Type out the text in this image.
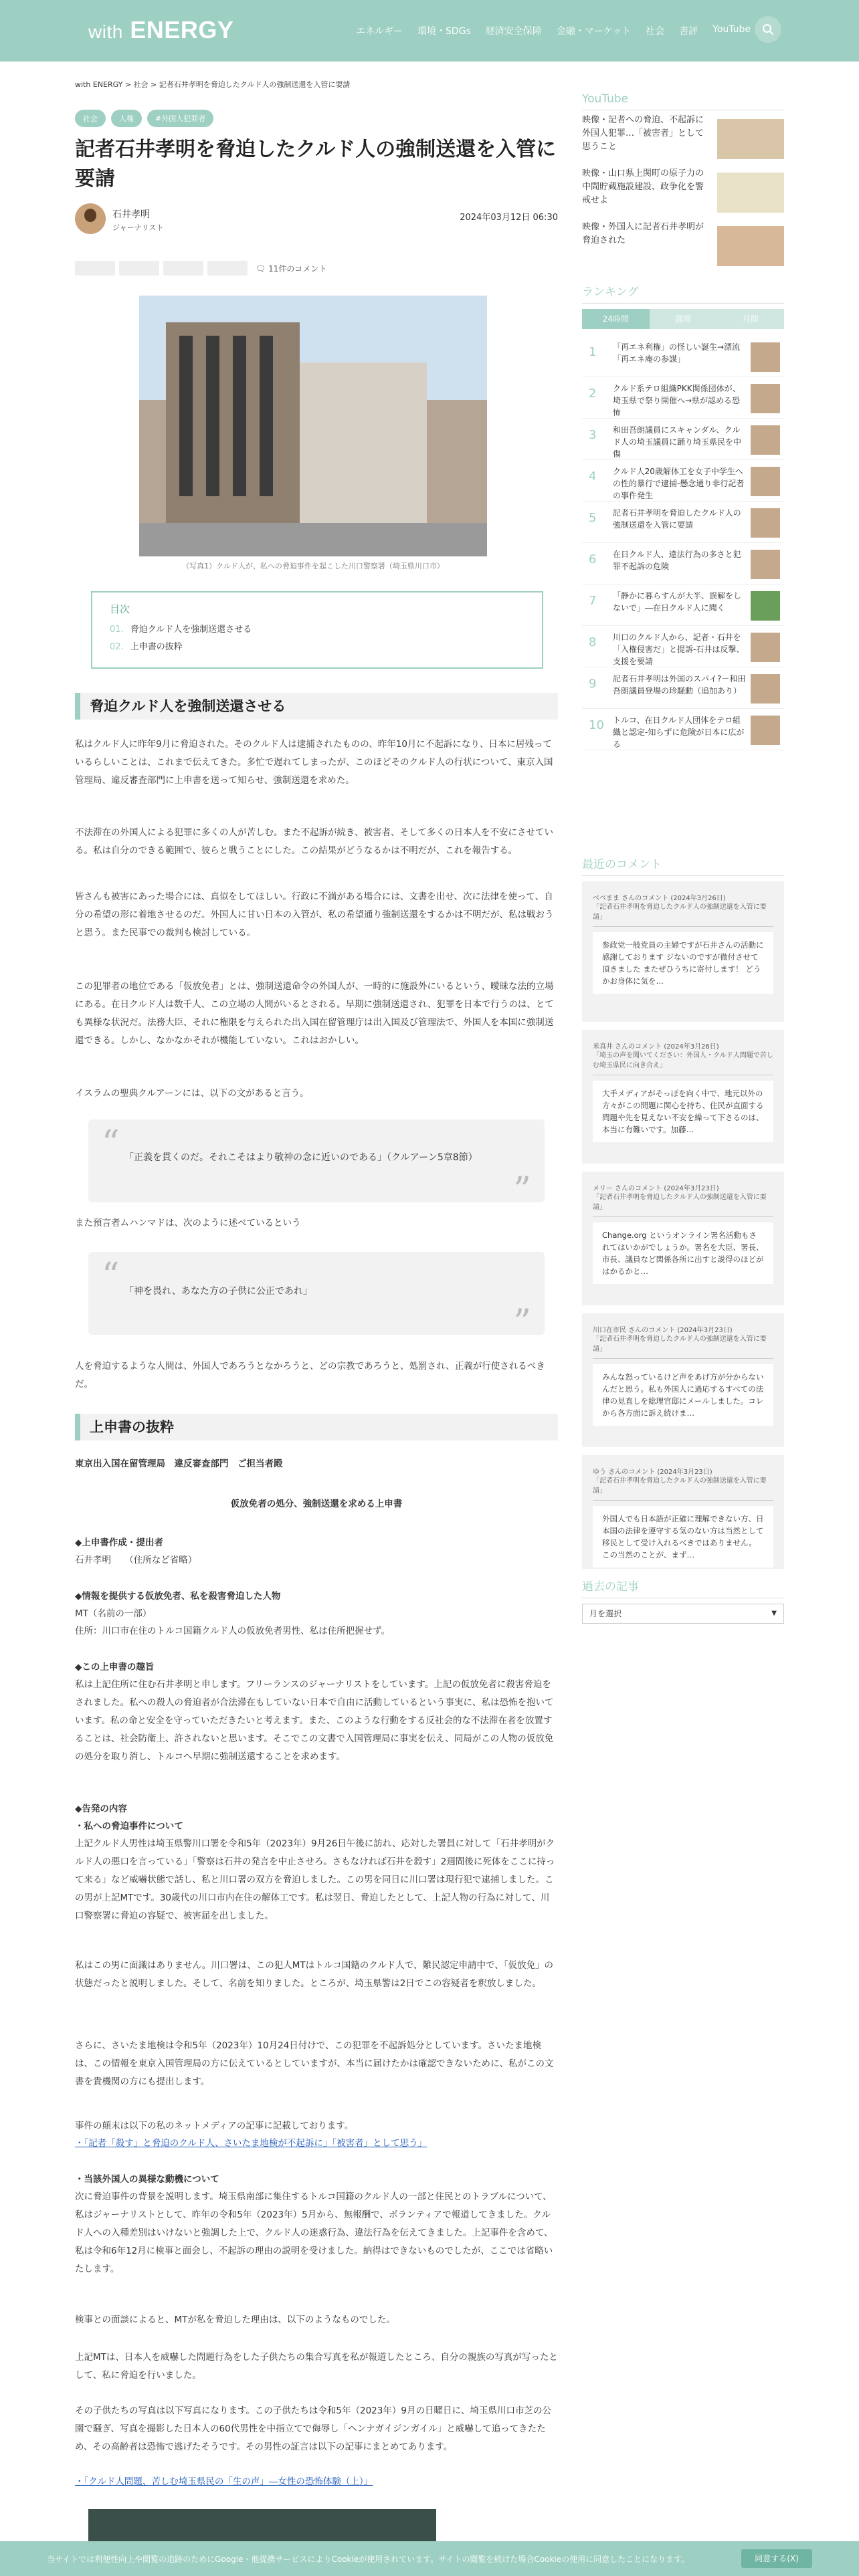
with ENERGY	エネルギー 環境・SDGs 経済安全保障 金融・マーケット 社会 書評 YouTube
with ENERGY > 社会 > 記者石井孝明を脅迫したクルド人の強制送還を入管に要請
社会	人権	#外国人犯罪者
記者石井孝明を脅迫したクルド人の強制送還を入管に要請
石井孝明
ジャーナリスト
2024年03月12日 06:30
🗨 11件のコメント
（写真1）クルド人が、私への脅迫事件を起こした川口警察署（埼玉県川口市）
目次
01. 脅迫クルド人を強制送還させる
02. 上申書の抜粋
脅迫クルド人を強制送還させる

私はクルド人に昨年9月に脅迫された。そのクルド人は逮捕されたものの、昨年10月に不起訴になり、日本に居残っているらしいことは、これまで伝えてきた。多忙で遅れてしまったが、このほどそのクルド人の行状について、東京入国管理局、違反審査部門に上申書を送って知らせ、強制送還を求めた。

不法滞在の外国人による犯罪に多くの人が苦しむ。また不起訴が続き、被害者、そして多くの日本人を不安にさせている。私は自分のできる範囲で、彼らと戦うことにした。この結果がどうなるかは不明だが、これを報告する。

皆さんも被害にあった場合には、真似をしてほしい。行政に不満がある場合には、文書を出せ、次に法律を使って、自分の希望の形に着地させるのだ。外国人に甘い日本の入管が、私の希望通り強制送還をするかは不明だが、私は戦おうと思う。また民事での裁判も検討している。

この犯罪者の地位である「仮放免者」とは、強制送還命令の外国人が、一時的に施設外にいるという、曖昧な法的立場にある。在日クルド人は数千人、この立場の人間がいるとされる。早期に強制送還され、犯罪を日本で行うのは、とても異様な状況だ。法務大臣、それに権限を与えられた出入国在留管理庁は出入国及び管理法で、外国人を本国に強制送還できる。しかし、なかなかそれが機能していない。これはおかしい。

イスラムの聖典クルアーンには、以下の文があると言う。

“ 「正義を貫くのだ。それこそはより敬神の念に近いのである」（クルアーン5章8節）

”

また預言者ムハンマドは、次のように述べているという

“ 「神を畏れ、あなた方の子供に公正であれ」

”

人を脅迫するような人間は、外国人であろうとなかろうと、どの宗教であろうと、処罰され、正義が行使されるべきだ。

上申書の抜粋

東京出入国在留管理局　違反審査部門　ご担当者殿

仮放免者の処分、強制送還を求める上申書

◆上申書作成・提出者

石井孝明　　（住所など省略）

◆情報を提供する仮放免者、私を殺害脅迫した人物

MT（名前の一部）

住所：川口市在住のトルコ国籍クルド人の仮放免者男性、私は住所把握せず。

◆この上申書の趣旨

私は上記住所に住む石井孝明と申します。フリーランスのジャーナリストをしています。上記の仮放免者に殺害脅迫をされました。私への殺人の脅迫者が合法滞在もしていない日本で自由に活動しているという事実に、私は恐怖を抱いています。私の命と安全を守っていただきたいと考えます。また、このような行動をする反社会的な不法滞在者を放置することは、社会防衛上、許されないと思います。そこでこの文書で入国管理局に事実を伝え、同局がこの人物の仮放免の処分を取り消し、トルコへ早期に強制送還することを求めます。

◆告発の内容

・私への脅迫事件について

上記クルド人男性は埼玉県警川口署を令和5年（2023年）9月26日午後に訪れ、応対した署員に対して「石井孝明がクルド人の悪口を言っている」「警察は石井の発言を中止させろ。さもなければ石井を殺す」2週間後に死体をここに持って来る」など威嚇状態で話し、私と川口署の双方を脅迫しました。この男を同日に川口署は現行犯で逮捕しました。この男が上記MTです。30歳代の川口市内在住の解体工です。私は翌日、脅迫したとして、上記人物の行為に対して、川口警察署に脅迫の容疑で、被害届を出しました。

私はこの男に面識はありません。川口署は、この犯人MTはトルコ国籍のクルド人で、難民認定申請中で、「仮放免」の状態だったと説明しました。そして、名前を知りました。ところが、埼玉県警は2日でこの容疑者を釈放しました。

さらに、さいたま地検は令和5年（2023年）10月24日付けで、この犯罪を不起訴処分としています。さいたま地検は、この情報を東京入国管理局の方に伝えているとしていますが、本当に届けたかは確認できないために、私がこの文書を貴機関の方にも提出します。

事件の顛末は以下の私のネットメディアの記事に記載しております。

・「記者「殺す」と脅迫のクルド人、さいたま地検が不起訴に」「被害者」として思う」

・当該外国人の異様な動機について

次に脅迫事件の背景を説明します。埼玉県南部に集住するトルコ国籍のクルド人の一部と住民とのトラブルについて、私はジャーナリストとして、昨年の令和5年（2023年）5月から、無報酬で、ボランティアで報道してきました。クルド人への入種差別はいけないと強調した上で、クルド人の迷惑行為、違法行為を伝えてきました。上記事件を含めて、私は令和6年12月に検事と面会し、不起訴の理由の説明を受けました。納得はできないものでしたが、ここでは省略いたします。

検事との面談によると、MTが私を脅迫した理由は、以下のようなものでした。

上記MTは、日本人を威嚇した問題行為をした子供たちの集合写真を私が報道したところ、自分の親族の写真が写ったとして、私に脅迫を行いました。

その子供たちの写真は以下写真になります。この子供たちは令和5年（2023年）9月の日曜日に、埼玉県川口市芝の公園で騒ぎ、写真を撮影した日本人の60代男性を中指立てで侮辱し「ヘンナガイジンガイル」と威嚇して追ってきたため、その高齢者は恐怖で逃げたそうです。その男性の証言は以下の記事にまとめてあります。

・「クルド人問題、苦しむ埼玉県民の「生の声」―女性の恐怖体験（上）」

YouTube
映像・記者への脅迫、不起訴に 外国人犯罪…「被害者」として思うこと
映像・山口県上関町の原子力の中間貯蔵施設建設、政争化を警戒せよ
映像・外国人に記者石井孝明が脅迫された
ランキング
24時間	週間	月間
1 「再エネ利権」の怪しい誕生→漂流「再エネ庵の参謀」
2 クルド系テロ組織PKK関係団体が、埼玉県で祭り開催へ→県が認める恐怖
3 和田吾朗議員にスキャンダル、クルド人の埼玉議員に踊り埼玉県民を中傷
4 クルド人20歳解体工を女子中学生への性的暴行で逮捕-懸念通り非行記者の事件発生
5 記者石井孝明を脅迫したクルド人の強制送還を入管に要請
6 在日クルド人、違法行為の多さと犯罪不起訴の危険
7 「静かに暮らすんが大半、誤解をしないで」―在日クルド人に聞く
8 川口のクルド人から、記者・石井を「入権侵害だ」と提訴-石井は反撃、支援を要請
9 記者石井孝明は外国のスパイ?－和田吾朗議員登場の珍騒動（追加あり）
10 トルコ、在日クルド人団体をテロ組織と認定-知らずに危険が日本に広がる
最近のコメント
べべまま さんのコメント (2024年3月26日)
「記者石井孝明を脅迫したクルド人の強制送還を入管に要請」
参政党一般党員の主婦ですが石井さんの活動に感謝しております ジないのですが微付させて頂きました またぜひうちに寄付します！ どうかお身体に気を…
米真井 さんのコメント (2024年3月26日)
「埼玉の声を聞いてください：外国人・クルド人問題で苦しむ埼玉県民に向き合え」
大手メディアがそっぽを向く中で、地元以外の方々がこの問題に関心を持ち、住民が直面する問題や先を見えない不安を繰って下さるのは、本当に有難いです。加藤…
メリー さんのコメント (2024年3月23日)
「記者石井孝明を脅迫したクルド人の強制送還を入管に要請」
Change.org というオンライン署名活動もされてはいかがでしょうか。署名を大臣、署長、市長、議員など関係各所に出すと説得のほどがはかるかと…
川口在市民 さんのコメント (2024年3月23日)
「記者石井孝明を脅迫したクルド人の強制送還を入管に要請」
みんな怒っているけど声をあげ方が分からないんだと思う。私も外国人に過応するすべての法律の見直しを総理官邸にメールしました。コレから各方面に訴え続けま…
ゆう さんのコメント (2024年3月23日)
「記者石井孝明を脅迫したクルド人の強制送還を入管に要請」
外国人でも日本語が正確に理解できない方、日本国の法律を遵守する気のない方は当然として移民として受け入れるべきではありません。この当然のことが、まず…
過去の記事
月を選択	▼
当サイトでは利便性向上や閲覧の追跡のためにGoogle・他提携サービスによりCookieが使用されています。サイトの閲覧を続けた場合Cookieの使用に同意したことになります。	同意する(X)
